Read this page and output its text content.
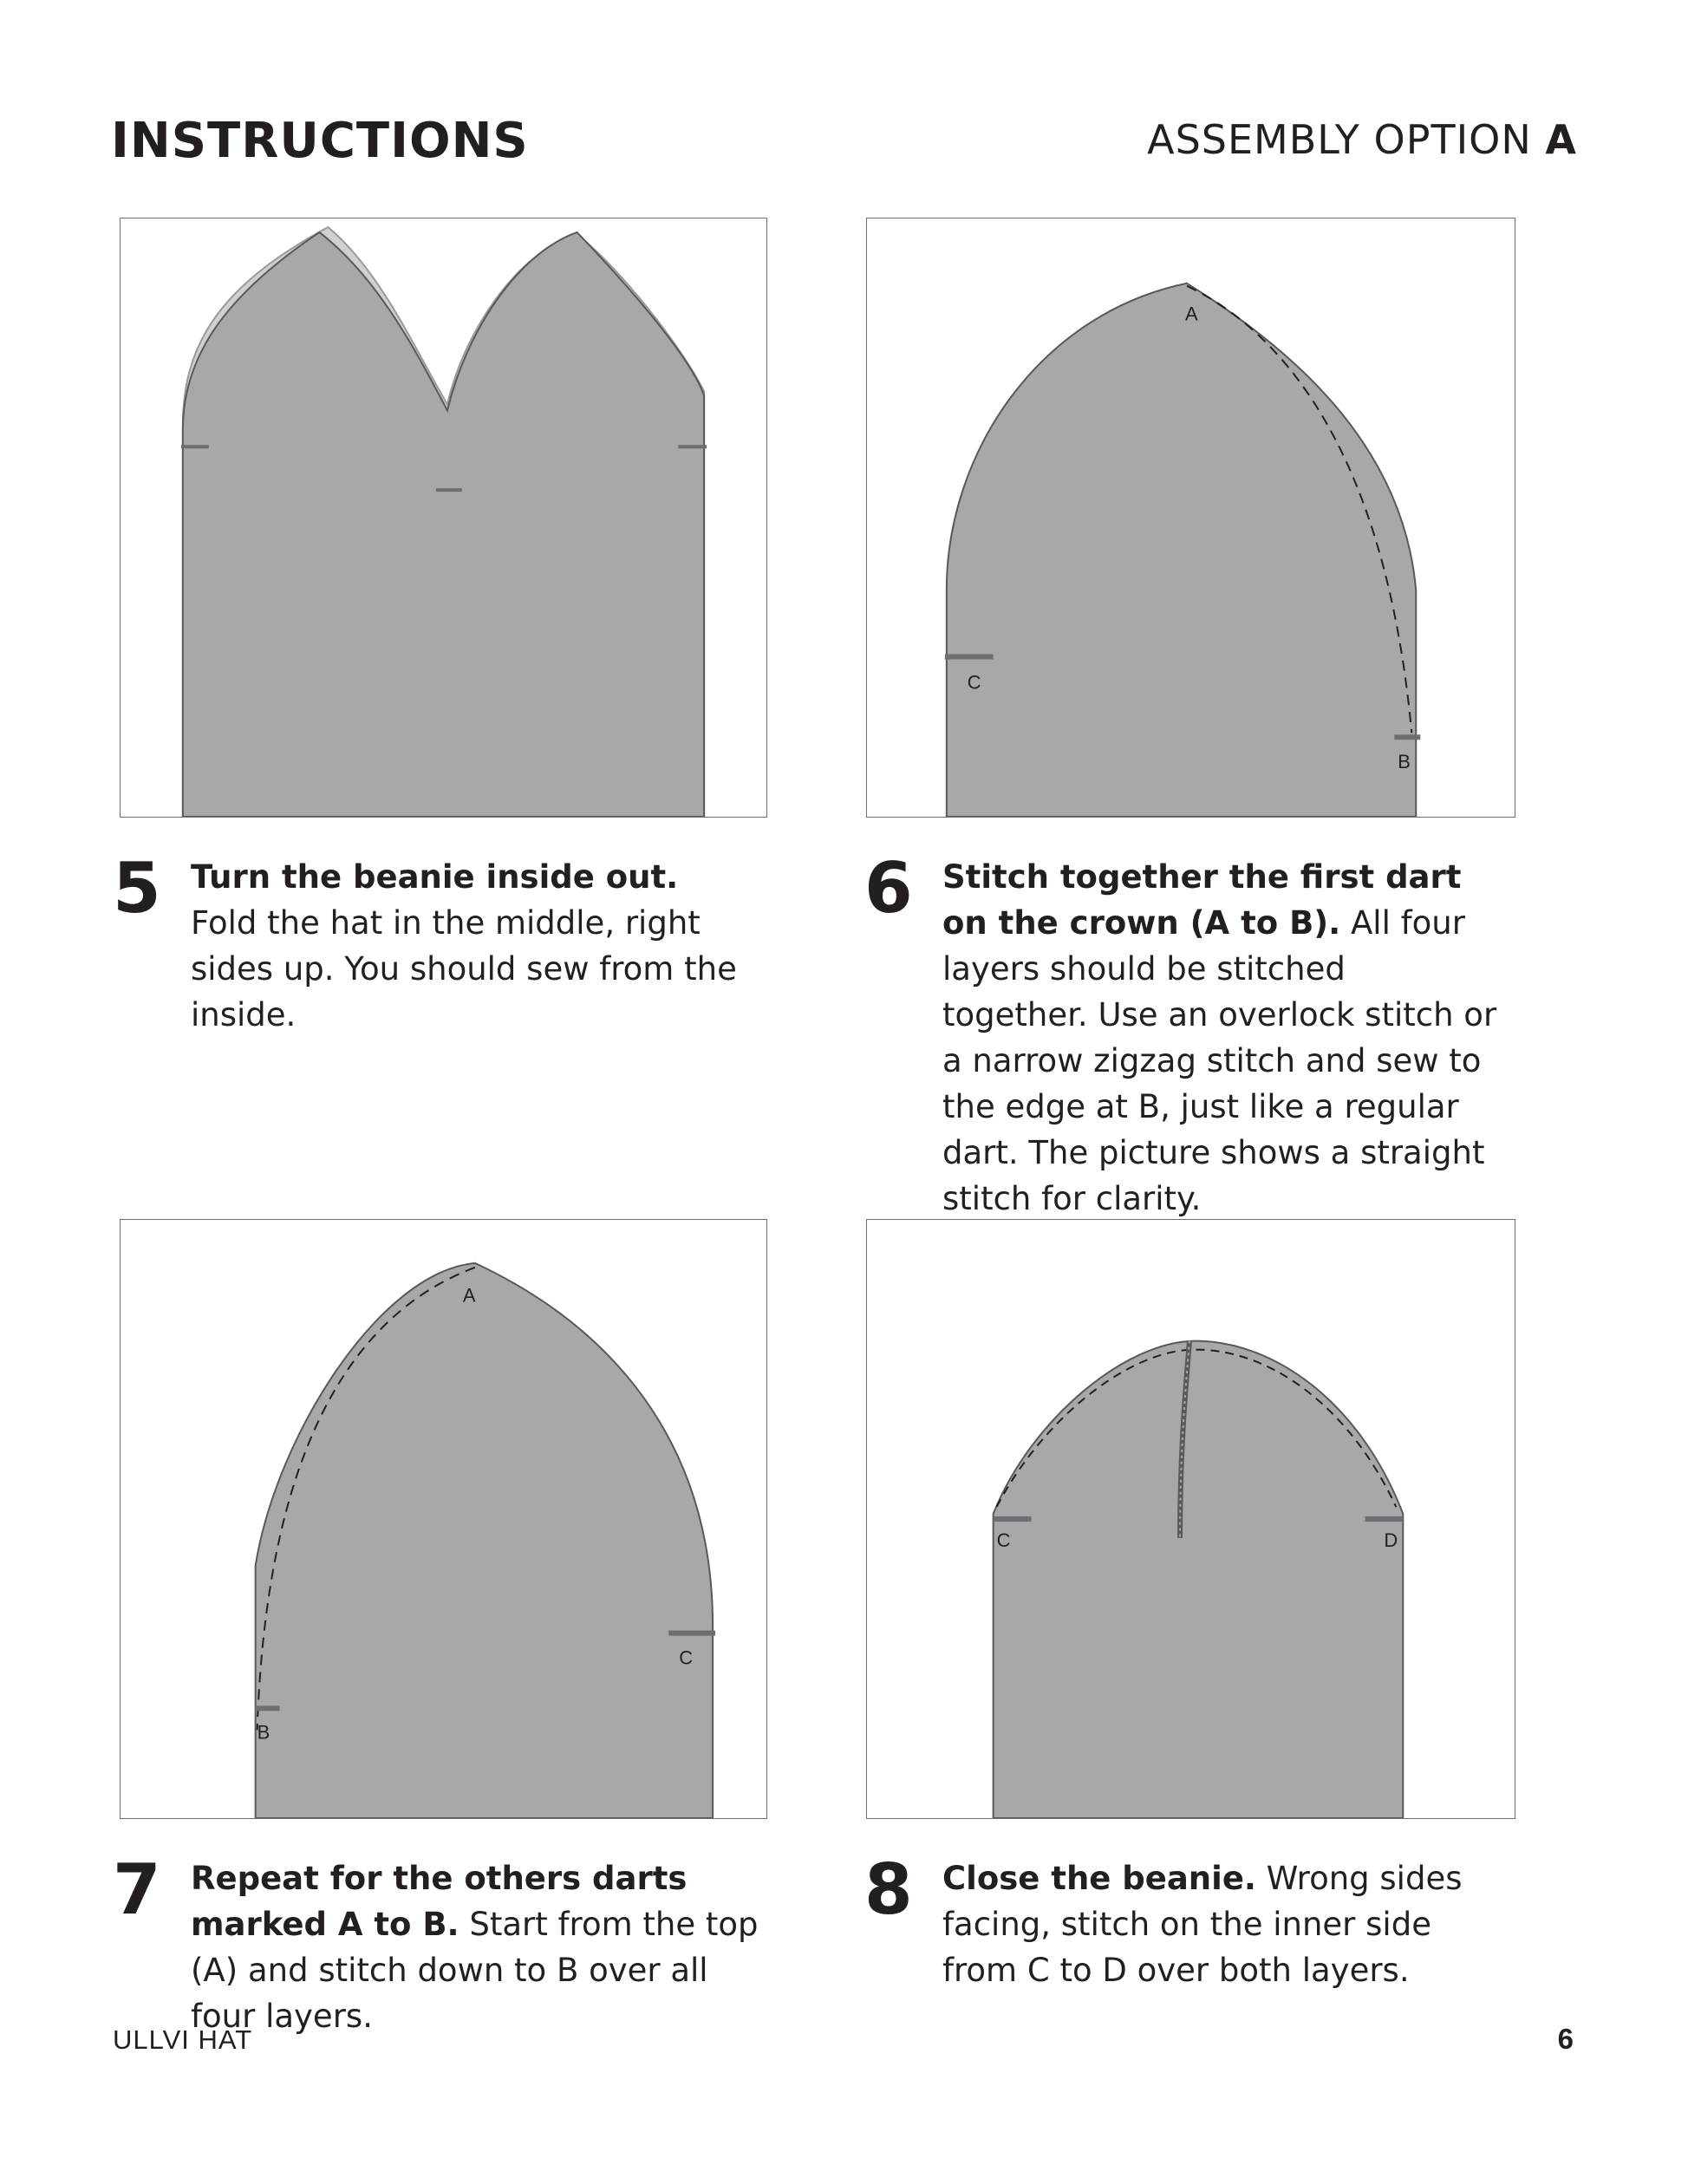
INSTRUCTIONS	ASSEMBLY OPTION A
A
B
C
5 Turn the beanie inside out. Fold the hat in the middle, right sides up. You should sew from the inside.
6 Stitch together the first dart on the crown (A to B). All four layers should be stitched together. Use an overlock stitch or a narrow zigzag stitch and sew to the edge at B, just like a regular dart. The picture shows a straight stitch for clarity.
A
B
C
C	D
7 Repeat for the others darts marked A to B. Start from the top (A) and stitch down to B over all four layers.
8 Close the beanie. Wrong sides facing, stitch on the inner side from C to D over both layers.
ULLVI HAT	6
